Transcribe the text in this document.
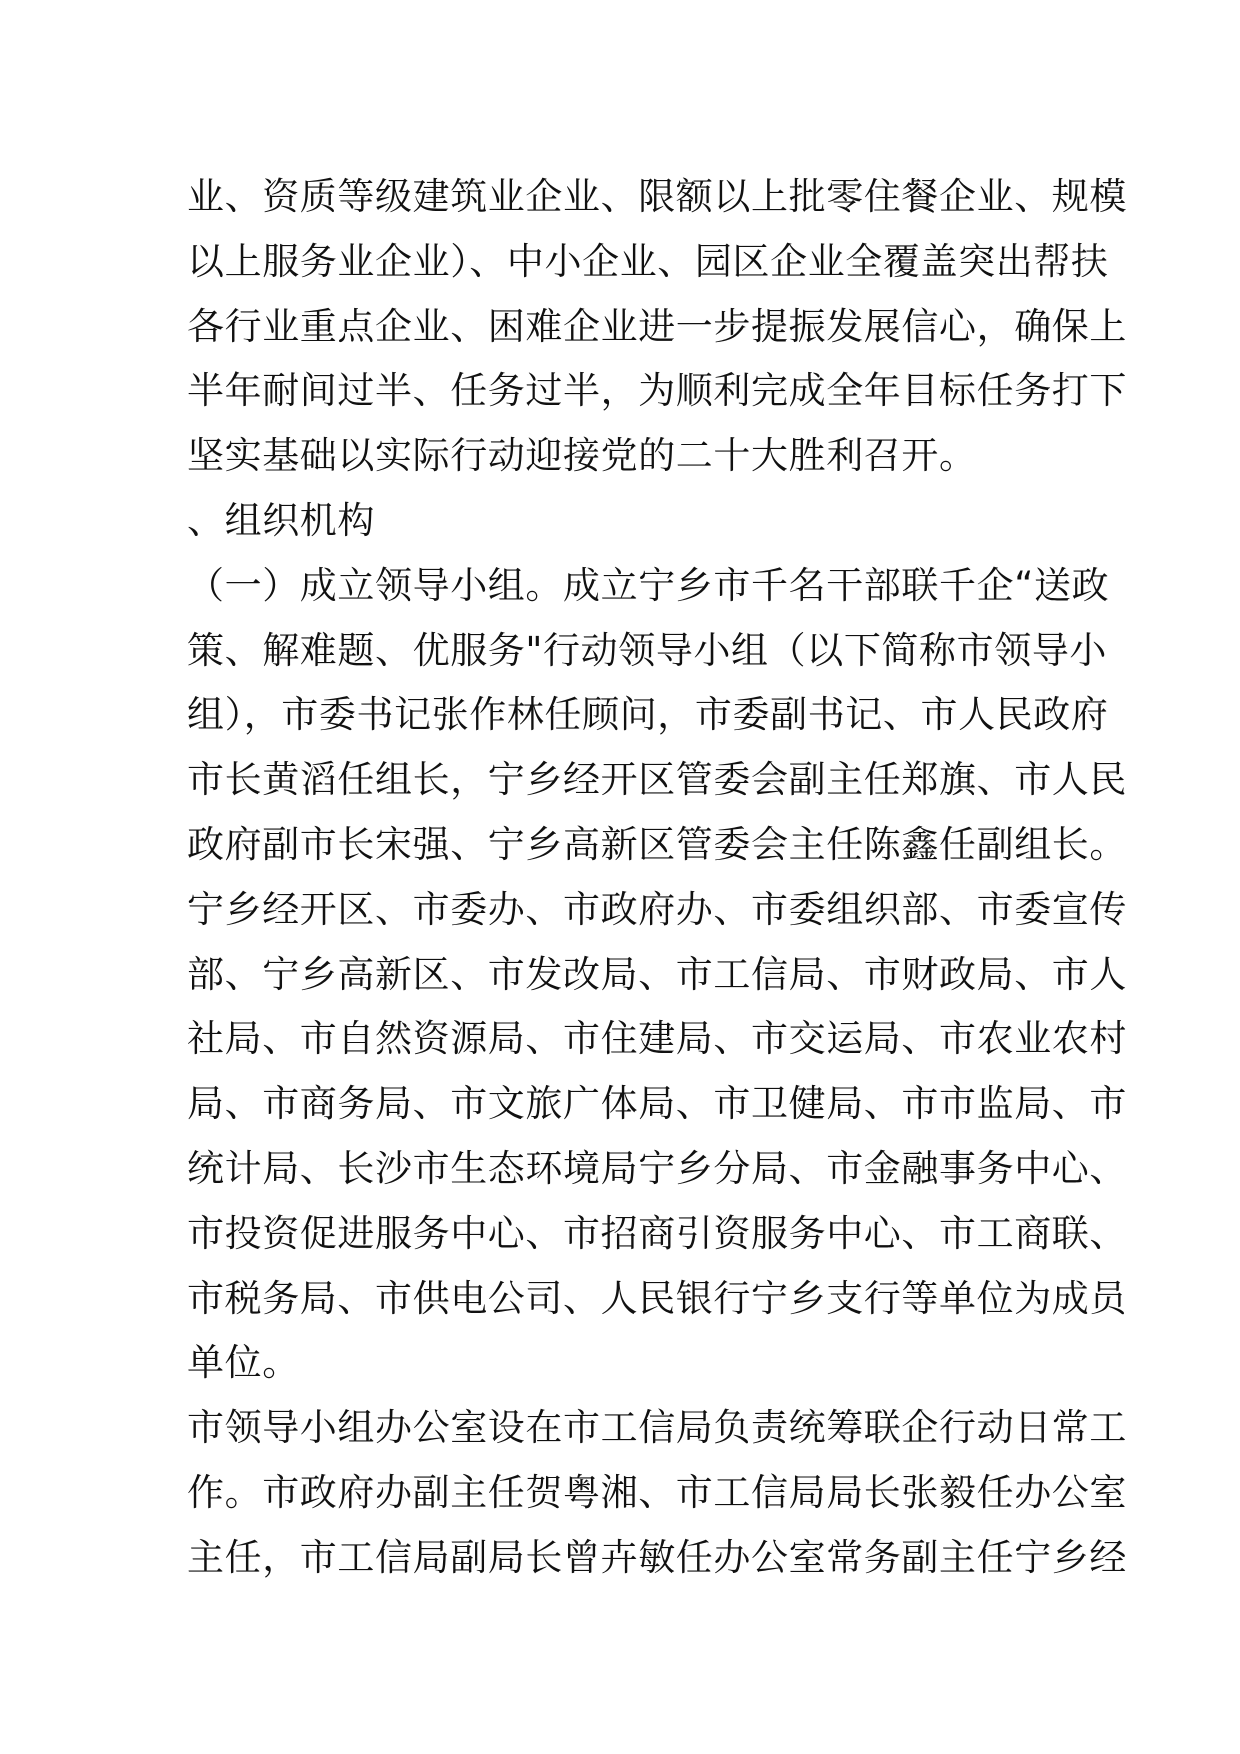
业、资质等级建筑业企业、限额以上批零住餐企业、规模
以上服务业企业）、中小企业、园区企业全覆盖突出帮扶
各行业重点企业、困难企业进一步提振发展信心，确保上
半年耐间过半、任务过半，为顺利完成全年目标任务打下
坚实基础以实际行动迎接党的二十大胜利召开。
、组织机构
（一）成立领导小组。成立宁乡市千名干部联千企“送政
策、解难题、优服务"行动领导小组（以下简称市领导小
组），市委书记张作林任顾问，市委副书记、市人民政府
市长黄滔任组长，宁乡经开区管委会副主任郑旗、市人民
政府副市长宋强、宁乡高新区管委会主任陈鑫任副组长。
宁乡经开区、市委办、市政府办、市委组织部、市委宣传
部、宁乡高新区、市发改局、市工信局、市财政局、市人
社局、市自然资源局、市住建局、市交运局、市农业农村
局、市商务局、市文旅广体局、市卫健局、市市监局、市
统计局、长沙市生态环境局宁乡分局、市金融事务中心、
市投资促进服务中心、市招商引资服务中心、市工商联、
市税务局、市供电公司、人民银行宁乡支行等单位为成员
单位。
市领导小组办公室设在市工信局负责统筹联企行动日常工
作。市政府办副主任贺粤湘、市工信局局长张毅任办公室
主任，市工信局副局长曾卉敏任办公室常务副主任宁乡经
